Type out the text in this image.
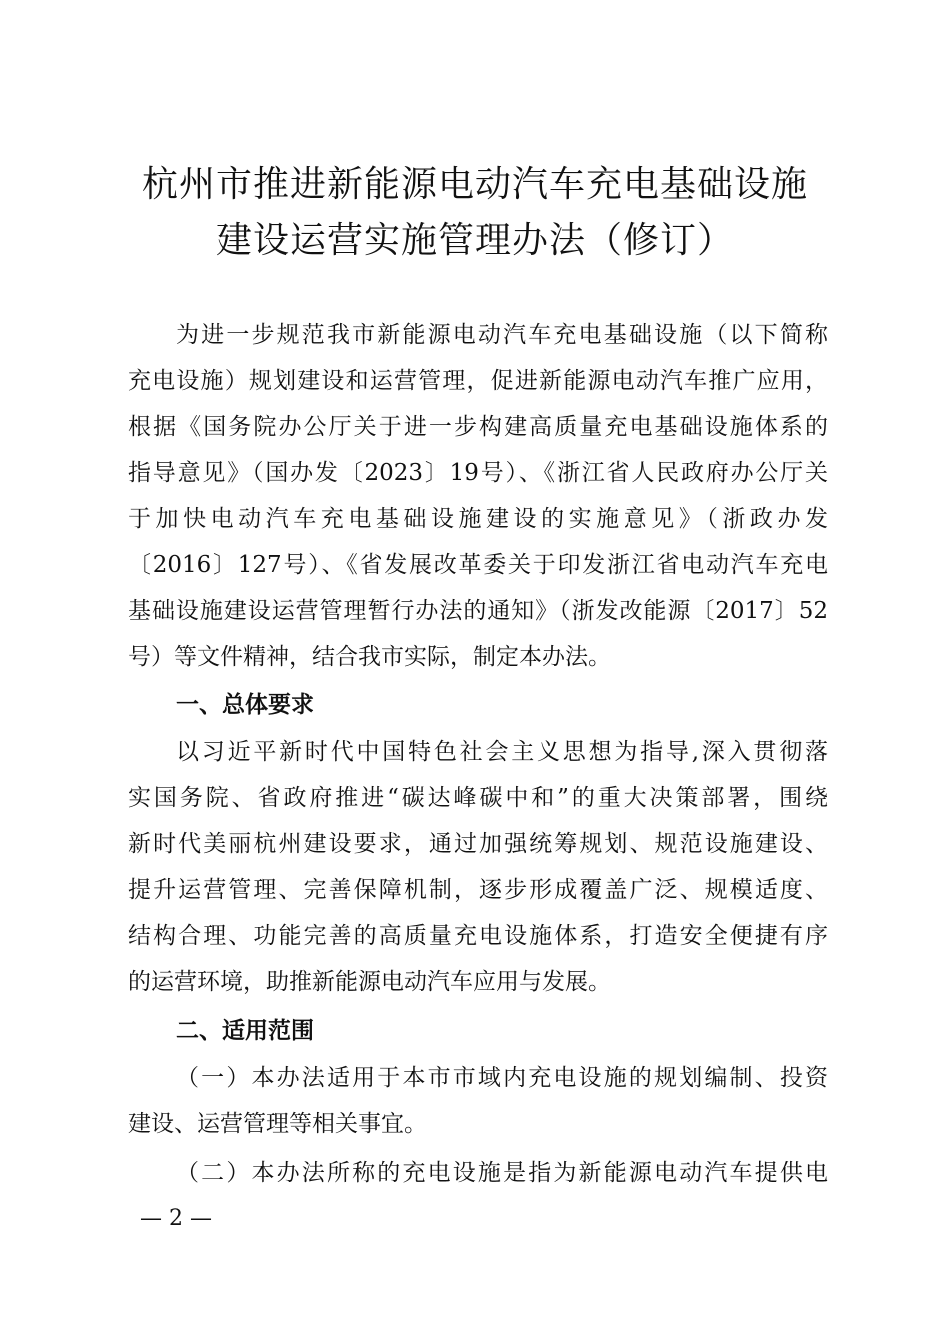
杭州市推进新能源电动汽车充电基础设施
建设运营实施管理办法（修订）
为进一步规范我市新能源电动汽车充电基础设施（以下简称
充电设施）规划建设和运营管理，促进新能源电动汽车推广应用，
根据《国务院办公厅关于进一步构建高质量充电基础设施体系的
指导意见》（国办发〔2023〕19号）、《浙江省人民政府办公厅关
于加快电动汽车充电基础设施建设的实施意见》（浙政办发
〔2016〕127号）、《省发展改革委关于印发浙江省电动汽车充电
基础设施建设运营管理暂行办法的通知》（浙发改能源〔2017〕52
号）等文件精神，结合我市实际，制定本办法。
一、总体要求
以习近平新时代中国特色社会主义思想为指导,深入贯彻落
实国务院、省政府推进“碳达峰碳中和”的重大决策部署，围绕
新时代美丽杭州建设要求，通过加强统筹规划、规范设施建设、
提升运营管理、完善保障机制，逐步形成覆盖广泛、规模适度、
结构合理、功能完善的高质量充电设施体系，打造安全便捷有序
的运营环境，助推新能源电动汽车应用与发展。
二、适用范围
（一）本办法适用于本市市域内充电设施的规划编制、投资
建设、运营管理等相关事宜。
（二）本办法所称的充电设施是指为新能源电动汽车提供电
— 2 —
